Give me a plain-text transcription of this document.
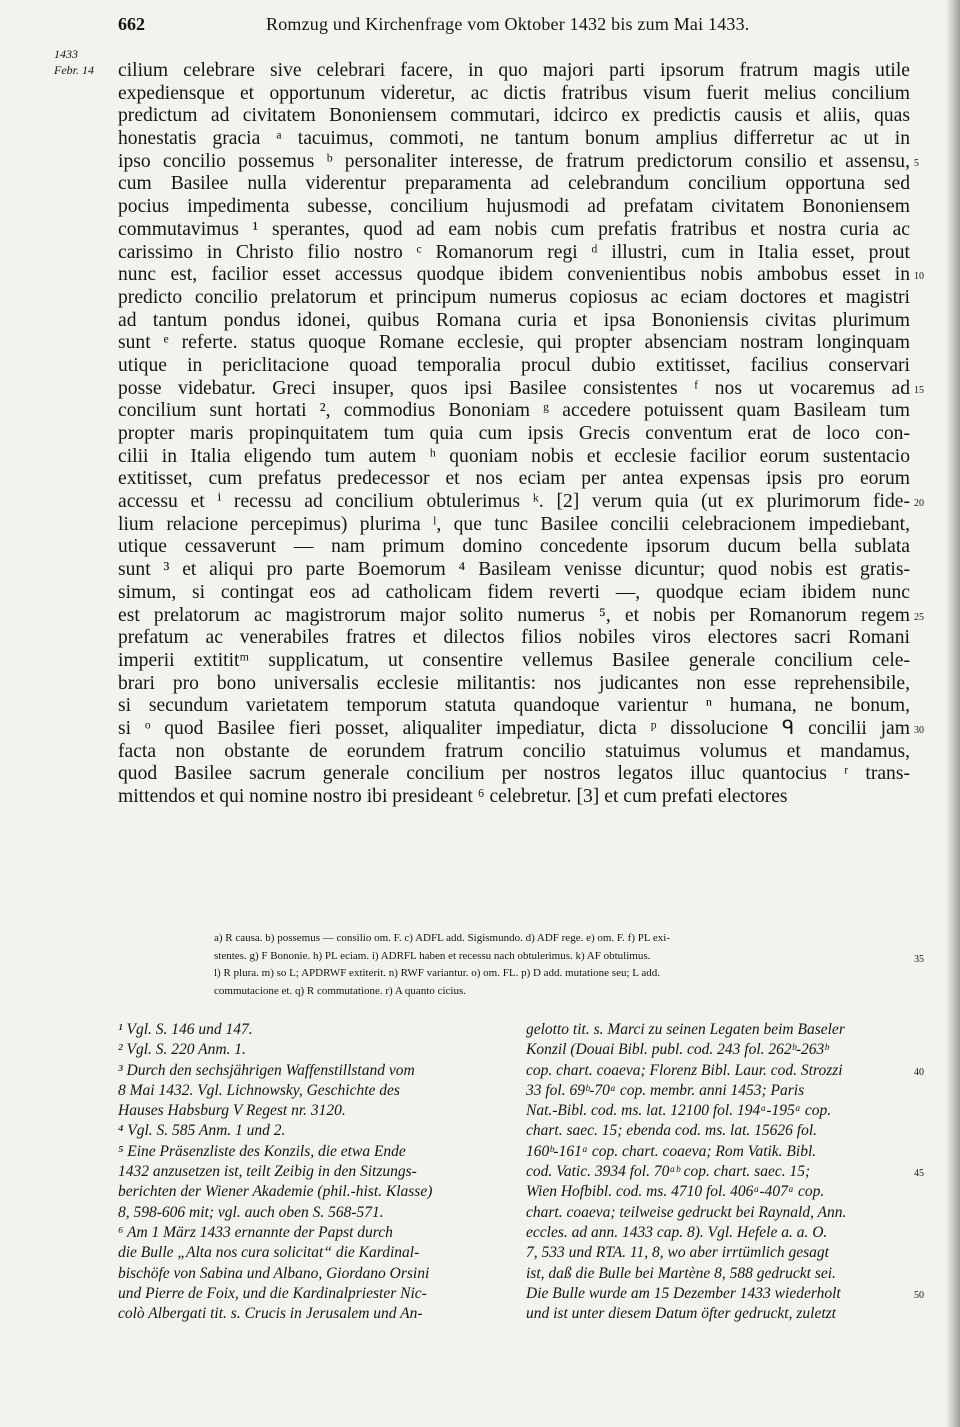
662	Romzug und Kirchenfrage vom Oktober 1432 bis zum Mai 1433.
1433
Febr. 14 cilium celebrare sive celebrari facere, in quo majori parti ipsorum fratrum magis utile
expediensque et opportunum videretur, ac dictis fratribus visum fuerit melius concilium
predictum ad civitatem Bononiensem commutari, idcirco ex predictis causis et aliis, quas
honestatis gracia ᵃ tacuimus, commoti, ne tantum bonum amplius differretur ac ut in
ipso concilio possemus ᵇ personaliter interesse, de fratrum predictorum consilio et assensu,
cum Basilee nulla viderentur preparamenta ad celebrandum concilium opportuna sed
pocius impedimenta subesse, concilium hujusmodi ad prefatam civitatem Bononiensem
commutavimus ¹ sperantes, quod ad eam nobis cum prefatis fratribus et nostra curia ac
carissimo in Christo filio nostro ᶜ Romanorum regi ᵈ illustri, cum in Italia esset, prout
nunc est, facilior esset accessus quodque ibidem convenientibus nobis ambobus esset in
predicto concilio prelatorum et principum numerus copiosus ac eciam doctores et magistri
ad tantum pondus idonei, quibus Romana curia et ipsa Bononiensis civitas plurimum
sunt ᵉ referte. status quoque Romane ecclesie, qui propter absenciam nostram longinquam
utique in periclitacione quoad temporalia procul dubio extitisset, facilius conservari
posse videbatur. Greci insuper, quos ipsi Basilee consistentes ᶠ nos ut vocaremus ad
concilium sunt hortati ², commodius Bononiam ᵍ accedere potuissent quam Basileam tum
propter maris propinquitatem tum quia cum ipsis Grecis conventum erat de loco con-
cilii in Italia eligendo tum autem ʰ quoniam nobis et ecclesie facilior eorum sustentacio
extitisset, cum prefatus predecessor et nos eciam per antea expensas ipsis pro eorum
accessu et ⁱ recessu ad concilium obtulerimus ᵏ. [2] verum quia (ut ex plurimorum fide-
lium relacione percepimus) plurima ˡ, que tunc Basilee concilii celebracionem impediebant,
utique cessaverunt — nam primum domino concedente ipsorum ducum bella sublata
sunt ³ et aliqui pro parte Boemorum ⁴ Basileam venisse dicuntur; quod nobis est gratis-
simum, si contingat eos ad catholicam fidem reverti —, quodque eciam ibidem nunc
est prelatorum ac magistrorum major solito numerus ⁵, et nobis per Romanorum regem
prefatum ac venerabiles fratres et dilectos filios nobiles viros electores sacri Romani
imperii extititᵐ supplicatum, ut consentire vellemus Basilee generale concilium cele-
brari pro bono universalis ecclesie militantis: nos judicantes non esse reprehensibile,
si secundum varietatem temporum statuta quandoque varientur ⁿ humana, ne bonum,
si ᵒ quod Basilee fieri posset, aliqualiter impediatur, dicta ᵖ dissolucione ᑫ concilii jam
facta non obstante de eorundem fratrum concilio statuimus volumus et mandamus,
quod Basilee sacrum generale concilium per nostros legatos illuc quantocius ʳ trans-
mittendos et qui nomine nostro ibi presideant ⁶ celebretur. [3] et cum prefati electores
5
10
15
20
25
30
a) R causa. b) possemus — consilio om. F. c) ADFL add. Sigismundo. d) ADF rege. e) om. F. f) PL exi-
stentes. g) F Bononie. h) PL eciam. i) ADRFL haben et recessu nach obtulerimus. k) AF obtulimus.
l) R plura. m) so L; APDRWF extiterit. n) RWF variantur. o) om. FL. p) D add. mutatione seu; L add.
commutacione et. q) R commutatione. r) A quanto cicius.
35
¹ Vgl. S. 146 und 147.
² Vgl. S. 220 Anm. 1.
³ Durch den sechsjährigen Waffenstillstand vom
8 Mai 1432. Vgl. Lichnowsky, Geschichte des
Hauses Habsburg V Regest nr. 3120.
⁴ Vgl. S. 585 Anm. 1 und 2.
⁵ Eine Präsenzliste des Konzils, die etwa Ende
1432 anzusetzen ist, teilt Zeibig in den Sitzungs-
berichten der Wiener Akademie (phil.-hist. Klasse)
8, 598-606 mit; vgl. auch oben S. 568-571.
⁶ Am 1 März 1433 ernannte der Papst durch
die Bulle „Alta nos cura solicitat“ die Kardinal-
bischöfe von Sabina und Albano, Giordano Orsini
und Pierre de Foix, und die Kardinalpriester Nic-
colò Albergati tit. s. Crucis in Jerusalem und An-
gelotto tit. s. Marci zu seinen Legaten beim Baseler
Konzil (Douai Bibl. publ. cod. 243 fol. 262ᵇ-263ᵇ
cop. chart. coaeva; Florenz Bibl. Laur. cod. Strozzi
33 fol. 69ᵇ-70ᵃ cop. membr. anni 1453; Paris
Nat.-Bibl. cod. ms. lat. 12100 fol. 194ᵃ-195ᵃ cop.
chart. saec. 15; ebenda cod. ms. lat. 15626 fol.
160ᵇ-161ᵃ cop. chart. coaeva; Rom Vatik. Bibl.
cod. Vatic. 3934 fol. 70ᵃᵇ cop. chart. saec. 15;
Wien Hofbibl. cod. ms. 4710 fol. 406ᵃ-407ᵃ cop.
chart. coaeva; teilweise gedruckt bei Raynald, Ann.
eccles. ad ann. 1433 cap. 8). Vgl. Hefele a. a. O.
7, 533 und RTA. 11, 8, wo aber irrtümlich gesagt
ist, daß die Bulle bei Martène 8, 588 gedruckt sei.
Die Bulle wurde am 15 Dezember 1433 wiederholt
und ist unter diesem Datum öfter gedruckt, zuletzt
40
45
50
